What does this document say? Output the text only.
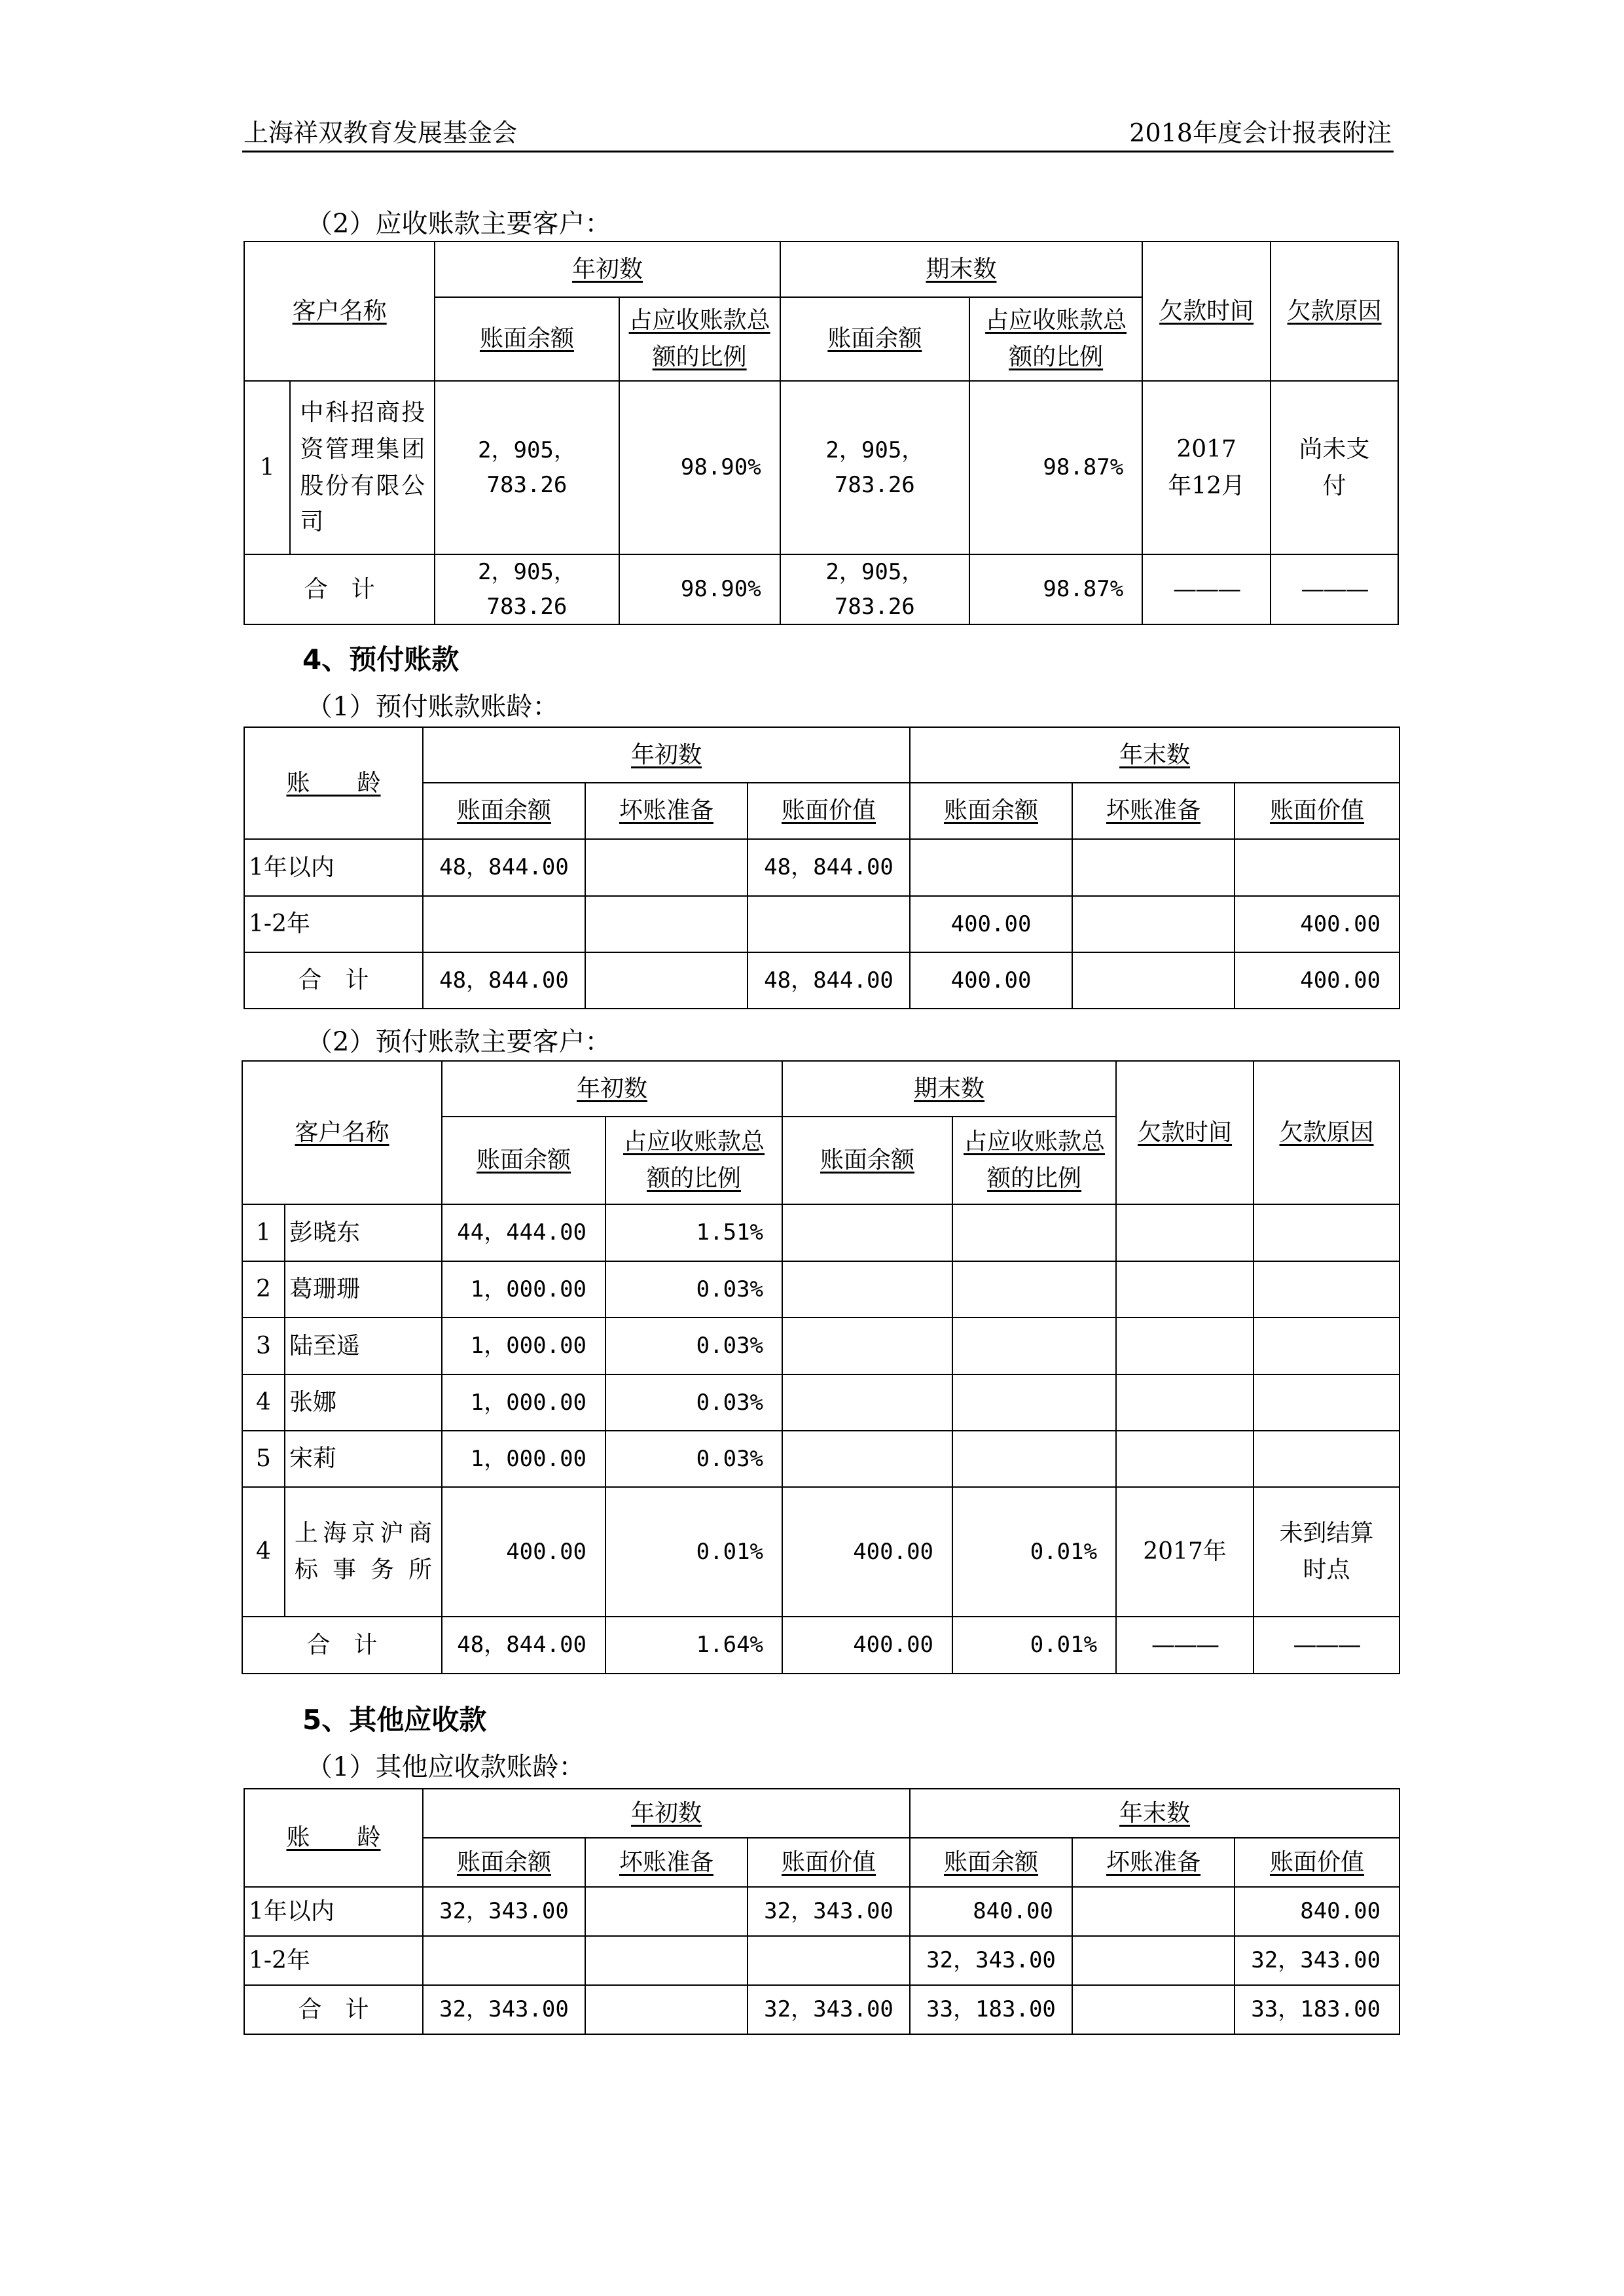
上海祥双教育发展基金会	2018年度会计报表附注
（2）应收账款主要客户：
客户名称		年初数		期末数		欠款时间	欠款原因
		账面余额	占应收账款总额的比例	账面余额	占应收账款总额的比例		
1	中科招商投资管理集团股份有限公司	2，905，783.26	98.90%	2，905，783.26	98.87%	2017年12月	尚未支付
合　计		2，905，783.26	98.90%	2，905，783.26	98.87%	———	———
4、预付账款
（1）预付账款账龄：
账　　龄	年初数			年末数		
	账面余额	坏账准备	账面价值	账面余额	坏账准备	账面价值
1年以内	48，844.00		48，844.00			
1-2年				400.00		400.00
合　计	48，844.00		48，844.00	400.00		400.00
（2）预付账款主要客户：
客户名称		年初数		期末数		欠款时间	欠款原因
		账面余额	占应收账款总额的比例	账面余额	占应收账款总额的比例		
1	彭晓东	44，444.00	1.51%				
2	葛珊珊	1，000.00	0.03%				
3	陆至遥	1，000.00	0.03%				
4	张娜	1，000.00	0.03%				
5	宋莉	1，000.00	0.03%				
4	上海京沪商标事务所	400.00	0.01%	400.00	0.01%	2017年	未到结算时点
合　计		48，844.00	1.64%	400.00	0.01%	———	———
5、其他应收款
（1）其他应收款账龄：
账　　龄	年初数			年末数		
	账面余额	坏账准备	账面价值	账面余额	坏账准备	账面价值
1年以内	32，343.00		32，343.00	840.00		840.00
1-2年				32，343.00		32，343.00
合　计	32，343.00		32，343.00	33，183.00		33，183.00
